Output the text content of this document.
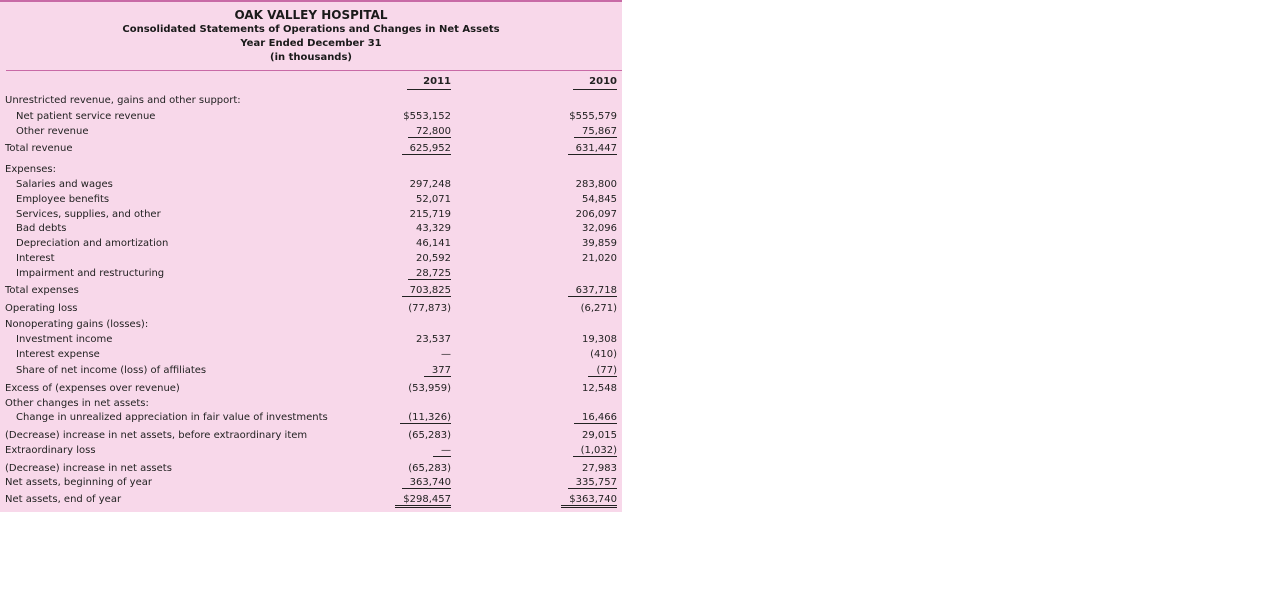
OAK VALLEY HOSPITAL
Consolidated Statements of Operations and Changes in Net Assets
Year Ended December 31
(in thousands)
2011	2010
Unrestricted revenue, gains and other support:
Net patient service revenue	$553,152	$555,579
Other revenue	72,800	75,867
Total revenue	625,952	631,447
Expenses:
Salaries and wages	297,248	283,800
Employee benefits	52,071	54,845
Services, supplies, and other	215,719	206,097
Bad debts	43,329	32,096
Depreciation and amortization	46,141	39,859
Interest	20,592	21,020
Impairment and restructuring	28,725
Total expenses	703,825	637,718
Operating loss	(77,873)	(6,271)
Nonoperating gains (losses):
Investment income	23,537	19,308
Interest expense	—	(410)
Share of net income (loss) of affiliates	377	(77)
Excess of (expenses over revenue)	(53,959)	12,548
Other changes in net assets:
Change in unrealized appreciation in fair value of investments	(11,326)	16,466
(Decrease) increase in net assets, before extraordinary item	(65,283)	29,015
Extraordinary loss	—	(1,032)
(Decrease) increase in net assets	(65,283)	27,983
Net assets, beginning of year	363,740	335,757
Net assets, end of year	$298,457	$363,740
